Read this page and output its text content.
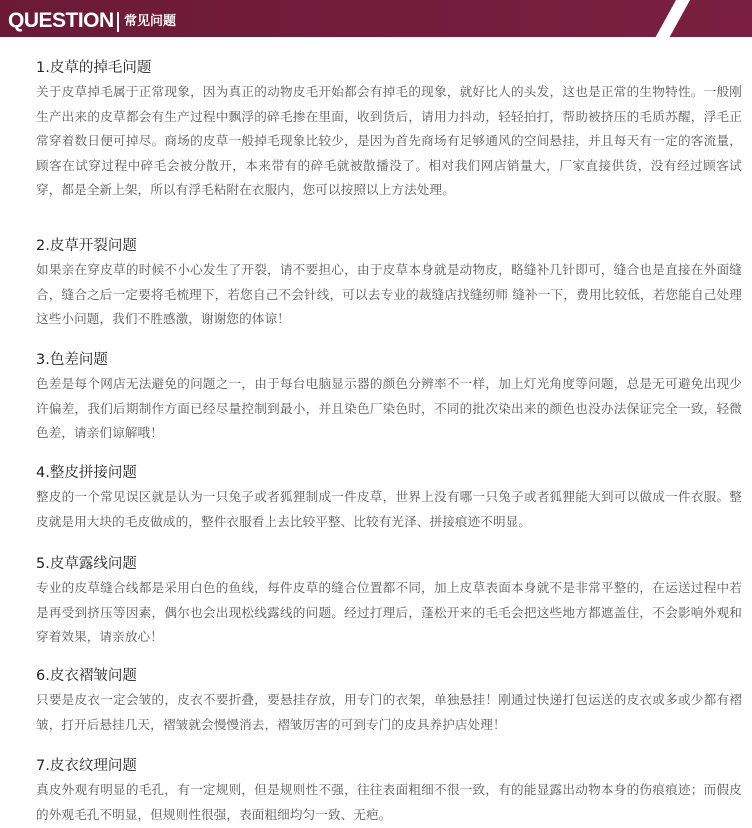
QUESTION 常见问题
1.皮草的掉毛问题

关于皮草掉毛属于正常现象，因为真正的动物皮毛开始都会有掉毛的现象，就好比人的头发，这也是正常的生物特性。一般刚生产出来的皮草都会有生产过程中飘浮的碎毛掺在里面，收到货后，请用力抖动，轻轻拍打，帮助被挤压的毛质苏醒，浮毛正常穿着数日便可掉尽。商场的皮草一般掉毛现象比较少，是因为首先商场有足够通风的空间悬挂，并且每天有一定的客流量，顾客在试穿过程中碎毛会被分散开，本来带有的碎毛就被散播没了。相对我们网店销量大，厂家直接供货，没有经过顾客试穿，都是全新上架，所以有浮毛粘附在衣服内，您可以按照以上方法处理。

2.皮草开裂问题

如果亲在穿皮草的时候不小心发生了开裂，请不要担心，由于皮草本身就是动物皮，略缝补几针即可，缝合也是直接在外面缝合，缝合之后一定要将毛梳理下，若您自己不会针线，可以去专业的裁缝店找缝纫师 缝补一下，费用比较低，若您能自己处理这些小问题，我们不胜感激，谢谢您的体谅！

3.色差问题

色差是每个网店无法避免的问题之一，由于每台电脑显示器的颜色分辨率不一样，加上灯光角度等问题，总是无可避免出现少许偏差，我们后期制作方面已经尽量控制到最小，并且染色厂染色时，不同的批次染出来的颜色也没办法保证完全一致，轻微色差，请亲们谅解哦！

4.整皮拼接问题

整皮的一个常见误区就是认为一只兔子或者狐狸制成一件皮草，世界上没有哪一只兔子或者狐狸能大到可以做成一件衣服。整皮就是用大块的毛皮做成的，整件衣服看上去比较平整、比较有光泽、拼接痕迹不明显。

5.皮草露线问题

专业的皮草缝合线都是采用白色的鱼线，每件皮草的缝合位置都不同，加上皮草表面本身就不是非常平整的，在运送过程中若是再受到挤压等因素，偶尔也会出现松线露线的问题。经过打理后，蓬松开来的毛毛会把这些地方都遮盖住，不会影响外观和穿着效果，请亲放心！

6.皮衣褶皱问题

只要是皮衣一定会皱的，皮衣不要折叠，要悬挂存放，用专门的衣架，单独悬挂！刚通过快递打包运送的皮衣或多或少都有褶皱，打开后悬挂几天，褶皱就会慢慢消去，褶皱厉害的可到专门的皮具养护店处理！

7.皮衣纹理问题

真皮外观有明显的毛孔，有一定规则，但是规则性不强，往往表面粗细不很一致，有的能显露出动物本身的伤痕痕迹；而假皮的外观毛孔不明显，但规则性很强，表面粗细均匀一致、无疤。
